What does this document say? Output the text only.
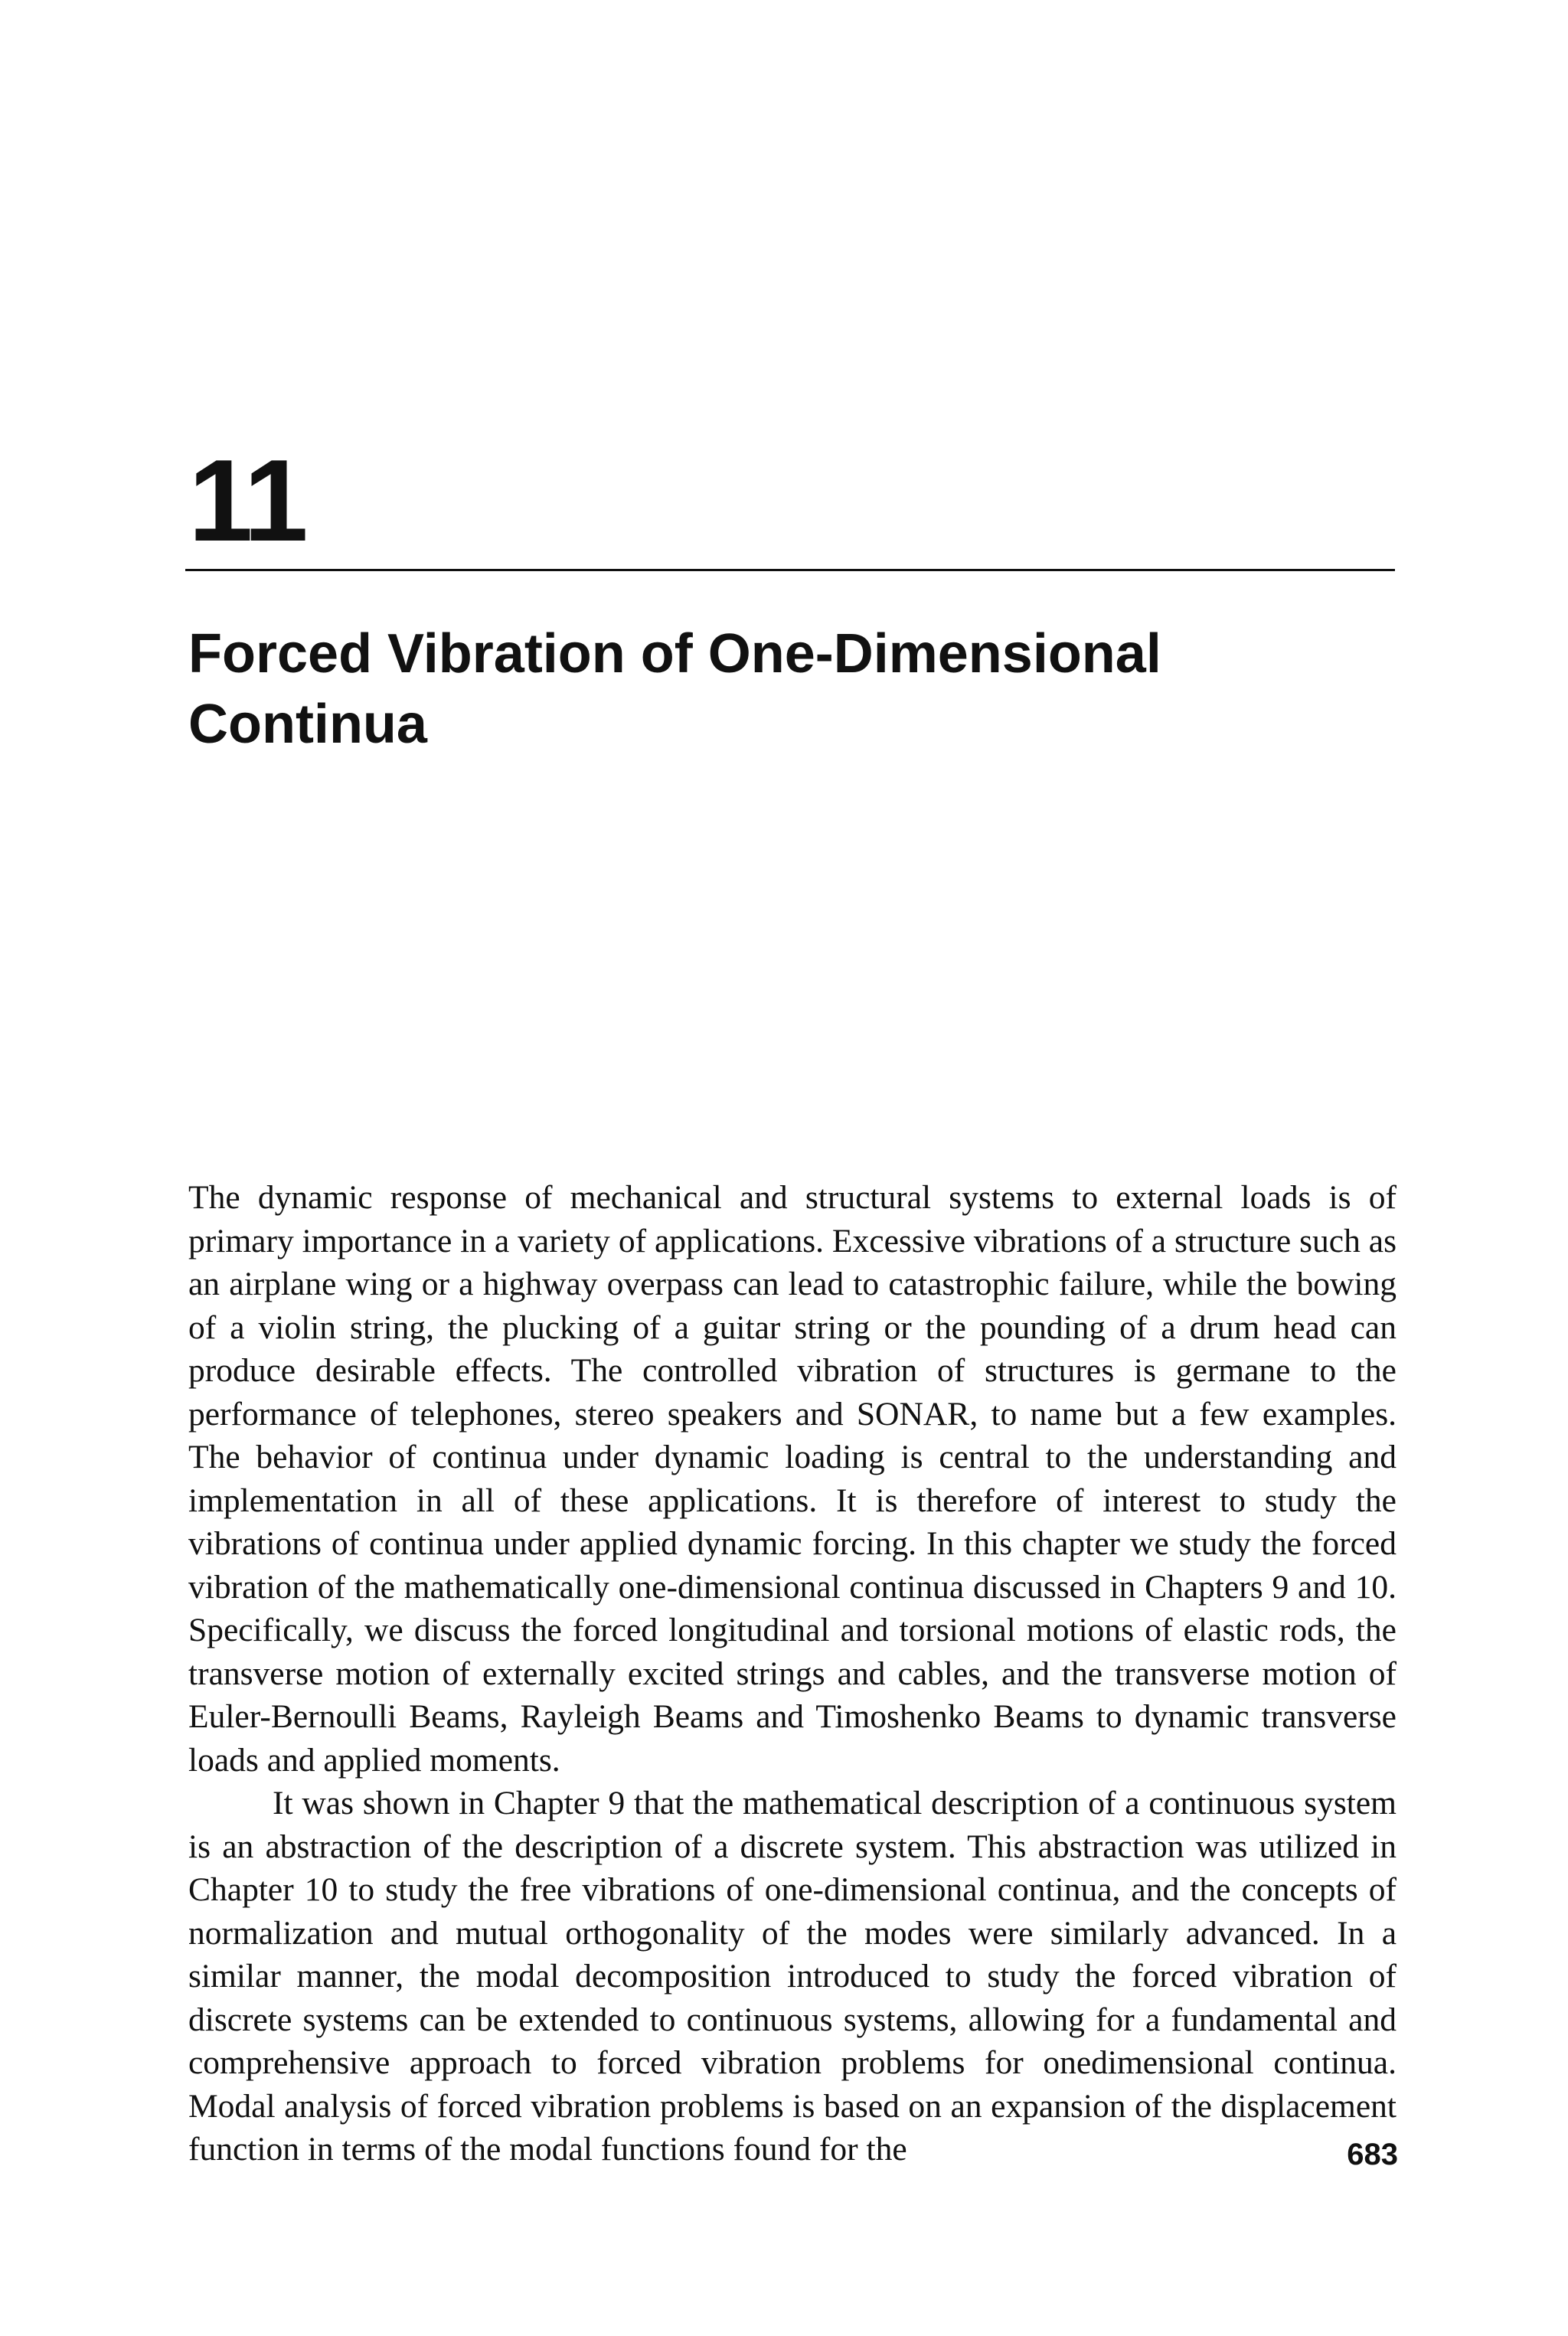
11
Forced Vibration of One-Dimensional Continua

The dynamic response of mechanical and structural systems to external loads is of primary importance in a variety of applications. Excessive vibrations of a structure such as an airplane wing or a highway overpass can lead to catastrophic failure, while the bowing of a violin string, the plucking of a guitar string or the pounding of a drum head can produce desirable effects. The controlled vibration of structures is germane to the performance of telephones, stereo speakers and SONAR, to name but a few examples. The behavior of continua under dynamic loading is central to the understanding and implementation in all of these applications. It is therefore of interest to study the vibrations of continua under applied dynamic forcing. In this chapter we study the forced vibration of the mathematically one-dimensional continua discussed in Chapters 9 and 10. Specifically, we discuss the forced longitudinal and torsional motions of elastic rods, the transverse motion of externally excited strings and cables, and the transverse motion of Euler-Bernoulli Beams, Rayleigh Beams and Timoshenko Beams to dynamic transverse loads and applied moments.

It was shown in Chapter 9 that the mathematical description of a continuous system is an abstraction of the description of a discrete system. This abstraction was utilized in Chapter 10 to study the free vibrations of one-dimensional continua, and the concepts of normalization and mutual orthogonality of the modes were similarly advanced. In a similar manner, the modal decomposition introduced to study the forced vibration of discrete systems can be extended to continuous systems, allowing for a fundamental and comprehensive approach to forced vibration problems for onedimensional continua. Modal analysis of forced vibration problems is based on an expansion of the displacement function in terms of the modal functions found for the	683
